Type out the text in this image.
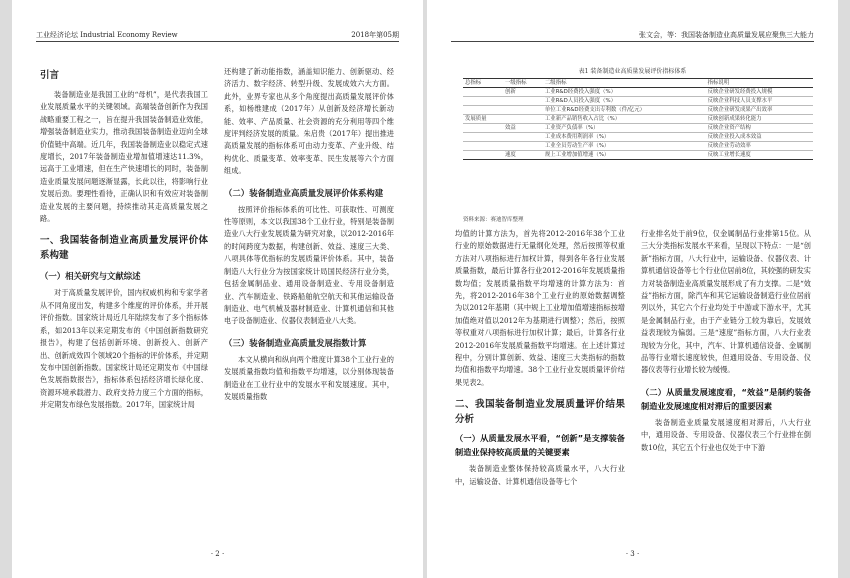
工业经济论坛 Industrial Economy Review	2018年第05期
引言

装备制造业是我国工业的“母机”，是代表我国工业发展质量水平的关键领域。高端装备创新作为我国战略重要工程之一，旨在提升我国装备制造业效能，增强装备制造业实力，推动我国装备制造业迈向全球价值链中高端。近几年，我国装备制造业以稳定式速度增长，2017年装备制造业增加值增速达11.3%，远高于工业增速，但在生产快速增长的同时，装备制造业质量发展问题逐渐显露，长此以往，将影响行业发展后劲。要理性看待，正确认识和有效应对装备制造业发展的主要问题，持续推动其走高质量发展之路。

一、我国装备制造业高质量发展评价体系构建
（一）相关研究与文献综述

对于高质量发展评价，国内权威机构和专家学者从不同角度出发，构建多个维度的评价体系，并开展评价指数。国家统计局近几年陆续发布了多个指标体系，如2013年以来定期发布的《中国创新指数研究报告》，构建了包括创新环境、创新投入、创新产出、创新成效四个领域20个指标的评价体系，并定期发布中国创新指数。国家统计局还定期发布《中国绿色发展指数报告》，指标体系包括经济增长绿化度、资源环境承载潜力、政府支持力度三个方面的指标，并定期发布绿色发展指数。2017年，国家统计局

还构建了新动能指数，涵盖知识能力、创新驱动、经济活力、数字经济、转型升级、发展成效六大方面。此外，业界专家也从多个角度提出高质量发展评价体系，如杨维建成（2017年）从创新及经济增长新动能、效率、产品质量、社会资源的充分利用等四个维度评判经济发展的质量。朱启贵（2017年）提出推进高质量发展的指标体系可由动力变革、产业升级、结构优化、质量变革、效率变革、民生发展等六个方面组成。

（二）装备制造业高质量发展评价体系构建

按照评价指标体系的可比性、可获取性、可测度性等原则，本文以我国38个工业行业，特别是装备制造业八大行业发展质量为研究对象，以2012-2016年的时间跨度为数据，构建创新、效益、速度三大类、八项具体等优指标的发展质量评价体系。其中，装备制造八大行业分为按国家统计局国民经济行业分类，包括金属制品业、通用设备制造业、专用设备制造业、汽车制造业、铁路船舶航空航天和其他运输设备制造业、电气机械及器材制造业、计算机通信和其他电子设备制造业、仪器仪表制造业八大类。

（三）装备制造业高质量发展指数计算

本文从横向和纵向两个维度计算38个工业行业的发展质量指数均值和指数平均增速，以分别体现装备制造业在工业行业中的发展水平和发展速度。其中，发展质量指数

· 2 ·
张文会，等：我国装备制造业高质量发展应聚焦三大能力
表1 装备制造业高质量发展评价指标体系
总指标	一级指标	二级指标	指标说明
	创新	工业R&D经费投入强度（%）	反映企业研发经费投入规模
		工业R&D人员投入强度（%）	反映企业科技人员支撑水平
		单位工业R&D经费支出专利数（件/亿元）	反映企业研发成果产出效率
发展质量		工业新产品销售收入占比（%）	反映创新成果转化能力
	效益	工业资产负债率（%）	反映企业资产结构
		工业成本费用利润率（%）	反映企业投入成本效益
		工业全员劳动生产率（%）	反映企业劳动效率
	速度	规上工业增加值增速（%）	反映工业增长速度
资料来源：赛迪智库整理

均值的计算方法为，首先将2012-2016年38个工业行业的原始数据进行无量纲化处理，然后按照等权重方法对八项指标进行加权计算，得到各年各行业发展质量指数，最后计算各行业2012-2016年发展质量指数均值；发展质量指数平均增速的计算方法为：首先，将2012-2016年38个工业行业的原始数据调整为以2012年基期（其中规上工业增加值增速指标按增加值绝对值以2012年为基期进行调整）；然后，按照等权重对八项指标进行加权计算；最后，计算各行业2012-2016年发展质量指数平均增速。在上述计算过程中，分别计算创新、效益、速度三大类指标的指数均值和指数平均增速。38个工业行业发展质量评价结果见表2。

二、我国装备制造业发展质量评价结果分析
（一）从质量发展水平看，“创新”是支撑装备制造业保持较高质量的关键要素

装备制造业整体保持较高质量水平，八大行业中，运输设备、计算机通信设备等七个

行业排名处于前9位，仅金属制品行业排第15位。从三大分类指标发展水平来看，呈现以下特点：一是“创新”指标方面，八大行业中，运输设备、仪器仪表、计算机通信设备等七个行业位居前8位，其较强的研发实力对装备制造业高质量发展形成了有力支撑。二是“效益”指标方面，除汽车和其它运输设备制造行业位居前列以外，其它六个行业均处于中游或下游水平，尤其是金属制品行业，由于产业链分工较为靠后，发展效益表现较为偏弱。三是“速度”指标方面，八大行业表现较为分化，其中，汽车、计算机通信设备、金属制品等行业增长速度较快，但通用设备、专用设备、仪器仪表等行业增长较为缓慢。

（二）从质量发展速度看，“效益”是制约装备制造业发展速度相对滞后的重要因素

装备制造业质量发展速度相对滞后，八大行业中，通用设备、专用设备、仪器仪表三个行业排在倒数10位，其它五个行业也仅处于中下游

· 3 ·
